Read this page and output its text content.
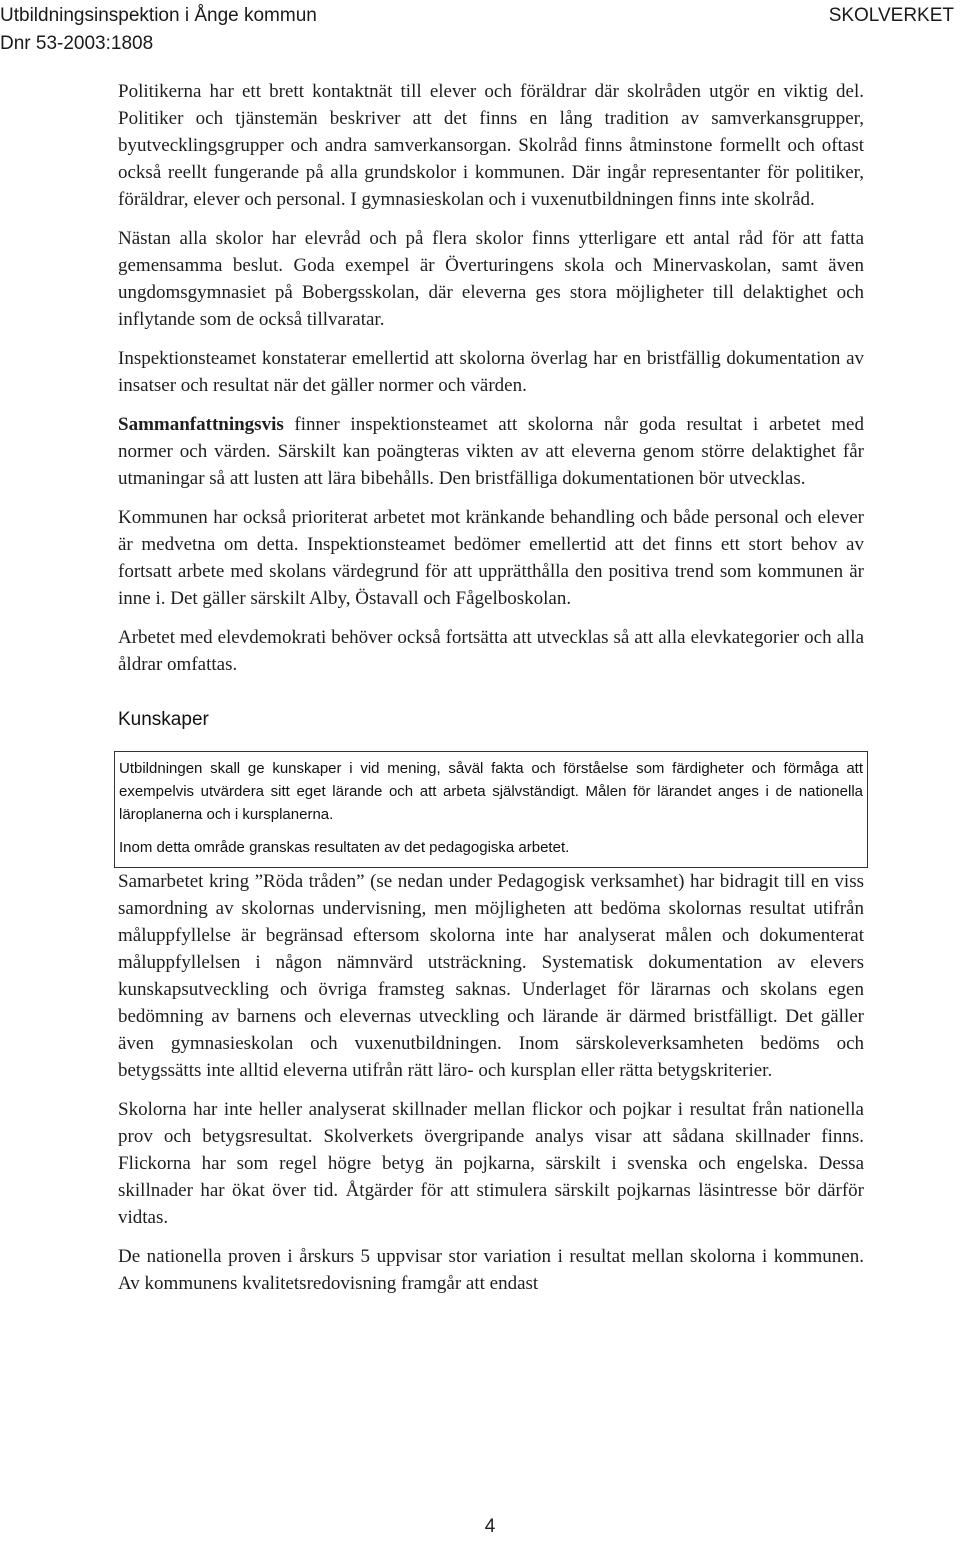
Utbildningsinspektion i Ånge kommun
Dnr 53-2003:1808
SKOLVERKET

Politikerna har ett brett kontaktnät till elever och föräldrar där skolråden utgör en viktig del. Politiker och tjänstemän beskriver att det finns en lång tradition av samverkansgrupper, byutvecklingsgrupper och andra samverkansorgan. Skolråd finns åtminstone formellt och oftast också reellt fungerande på alla grundskolor i kommunen. Där ingår representanter för politiker, föräldrar, elever och personal. I gymnasieskolan och i vuxenutbildningen finns inte skolråd.

Nästan alla skolor har elevråd och på flera skolor finns ytterligare ett antal råd för att fatta gemensamma beslut. Goda exempel är Överturingens skola och Minervaskolan, samt även ungdomsgymnasiet på Bobergsskolan, där eleverna ges stora möjligheter till delaktighet och inflytande som de också tillvaratar.

Inspektionsteamet konstaterar emellertid att skolorna överlag har en bristfällig dokumentation av insatser och resultat när det gäller normer och värden.

Sammanfattningsvis finner inspektionsteamet att skolorna når goda resultat i arbetet med normer och värden. Särskilt kan poängteras vikten av att eleverna genom större delaktighet får utmaningar så att lusten att lära bibehålls. Den bristfälliga dokumentationen bör utvecklas.

Kommunen har också prioriterat arbetet mot kränkande behandling och både personal och elever är medvetna om detta. Inspektionsteamet bedömer emellertid att det finns ett stort behov av fortsatt arbete med skolans värdegrund för att upprätthålla den positiva trend som kommunen är inne i. Det gäller särskilt Alby, Östavall och Fågelboskolan.

Arbetet med elevdemokrati behöver också fortsätta att utvecklas så att alla elevkategorier och alla åldrar omfattas.

Kunskaper

Utbildningen skall ge kunskaper i vid mening, såväl fakta och förståelse som färdigheter och förmåga att exempelvis utvärdera sitt eget lärande och att arbeta självständigt. Målen för lärandet anges i de nationella läroplanerna och i kursplanerna.

Inom detta område granskas resultaten av det pedagogiska arbetet.

Samarbetet kring ”Röda tråden” (se nedan under Pedagogisk verksamhet) har bidragit till en viss samordning av skolornas undervisning, men möjligheten att bedöma skolornas resultat utifrån måluppfyllelse är begränsad eftersom skolorna inte har analyserat målen och dokumenterat måluppfyllelsen i någon nämnvärd utsträckning. Systematisk dokumentation av elevers kunskapsutveckling och övriga framsteg saknas. Underlaget för lärarnas och skolans egen bedömning av barnens och elevernas utveckling och lärande är därmed bristfälligt. Det gäller även gymnasieskolan och vuxenutbildningen. Inom särskoleverksamheten bedöms och betygssätts inte alltid eleverna utifrån rätt läro- och kursplan eller rätta betygskriterier.

Skolorna har inte heller analyserat skillnader mellan flickor och pojkar i resultat från nationella prov och betygsresultat. Skolverkets övergripande analys visar att sådana skillnader finns. Flickorna har som regel högre betyg än pojkarna, särskilt i svenska och engelska. Dessa skillnader har ökat över tid. Åtgärder för att stimulera särskilt pojkarnas läsintresse bör därför vidtas.

De nationella proven i årskurs 5 uppvisar stor variation i resultat mellan skolorna i kommunen. Av kommunens kvalitetsredovisning framgår att endast

4
